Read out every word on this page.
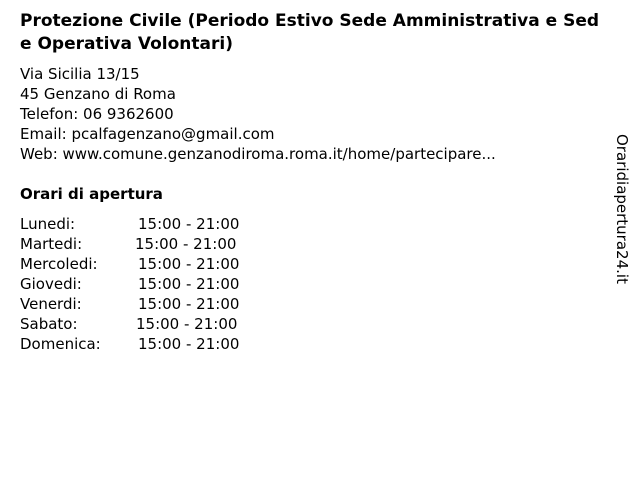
Protezione Civile (Periodo Estivo Sede Amministrativa e Sede Operativa Volontari)
Via Sicilia 13/15
45 Genzano di Roma
Telefon: 06 9362600
Email: pcalfagenzano@gmail.com
Web: www.comune.genzanodiroma.roma.it/home/partecipare...
Orari di apertura
Lunedi:	15:00 - 21:00
Martedi:	15:00 - 21:00
Mercoledi:	15:00 - 21:00
Giovedi:	15:00 - 21:00
Venerdi:	15:00 - 21:00
Sabato:	15:00 - 21:00
Domenica: 15:00 - 21:00
Oraridiapertura24.it
